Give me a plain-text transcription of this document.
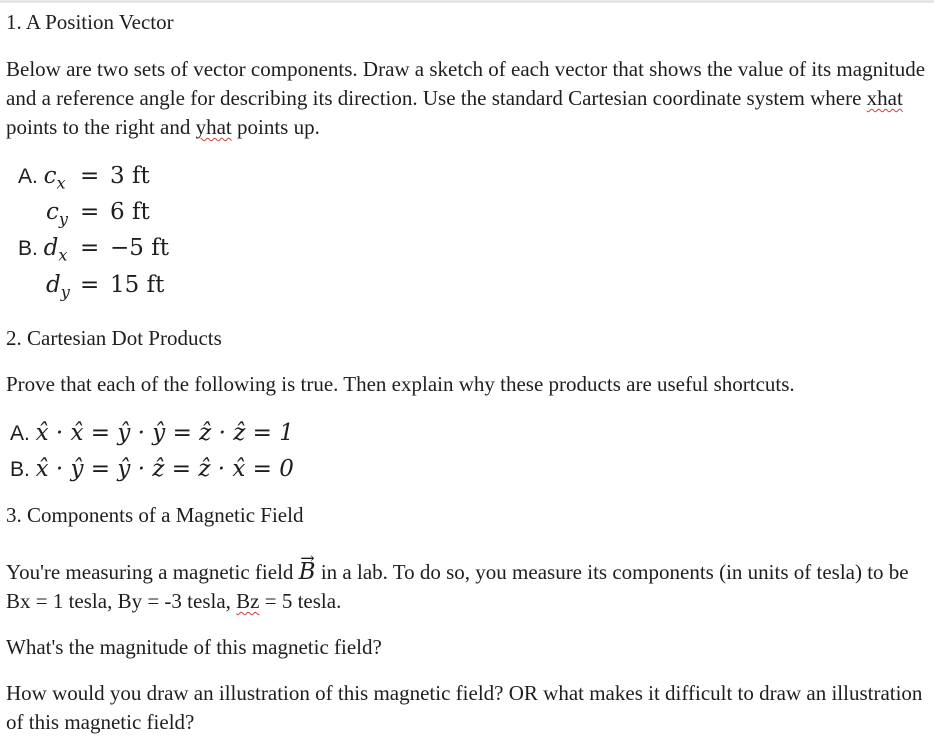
1. A Position Vector
Below are two sets of vector components. Draw a sketch of each vector that shows the value of its magnitude and a reference angle for describing its direction. Use the standard Cartesian coordinate system where xhat points to the right and yhat points up.
A. $c_x = 3$ ft
$c_y = 6$ ft
B. $d_x = -5$ ft
$d_y = 15$ ft
2. Cartesian Dot Products
Prove that each of the following is true. Then explain why these products are useful shortcuts.
A. x̂ · x̂ = ŷ · ŷ = ẑ · ẑ = 1
B. x̂ · ŷ = ŷ · ẑ = ẑ · x̂ = 0
3. Components of a Magnetic Field
You're measuring a magnetic field → B in a lab. To do so, you measure its components (in units of tesla) to be Bx = 1 tesla, By = -3 tesla, Bz = 5 tesla.
What's the magnitude of this magnetic field?
How would you draw an illustration of this magnetic field? OR what makes it difficult to draw an illustration of this magnetic field?
